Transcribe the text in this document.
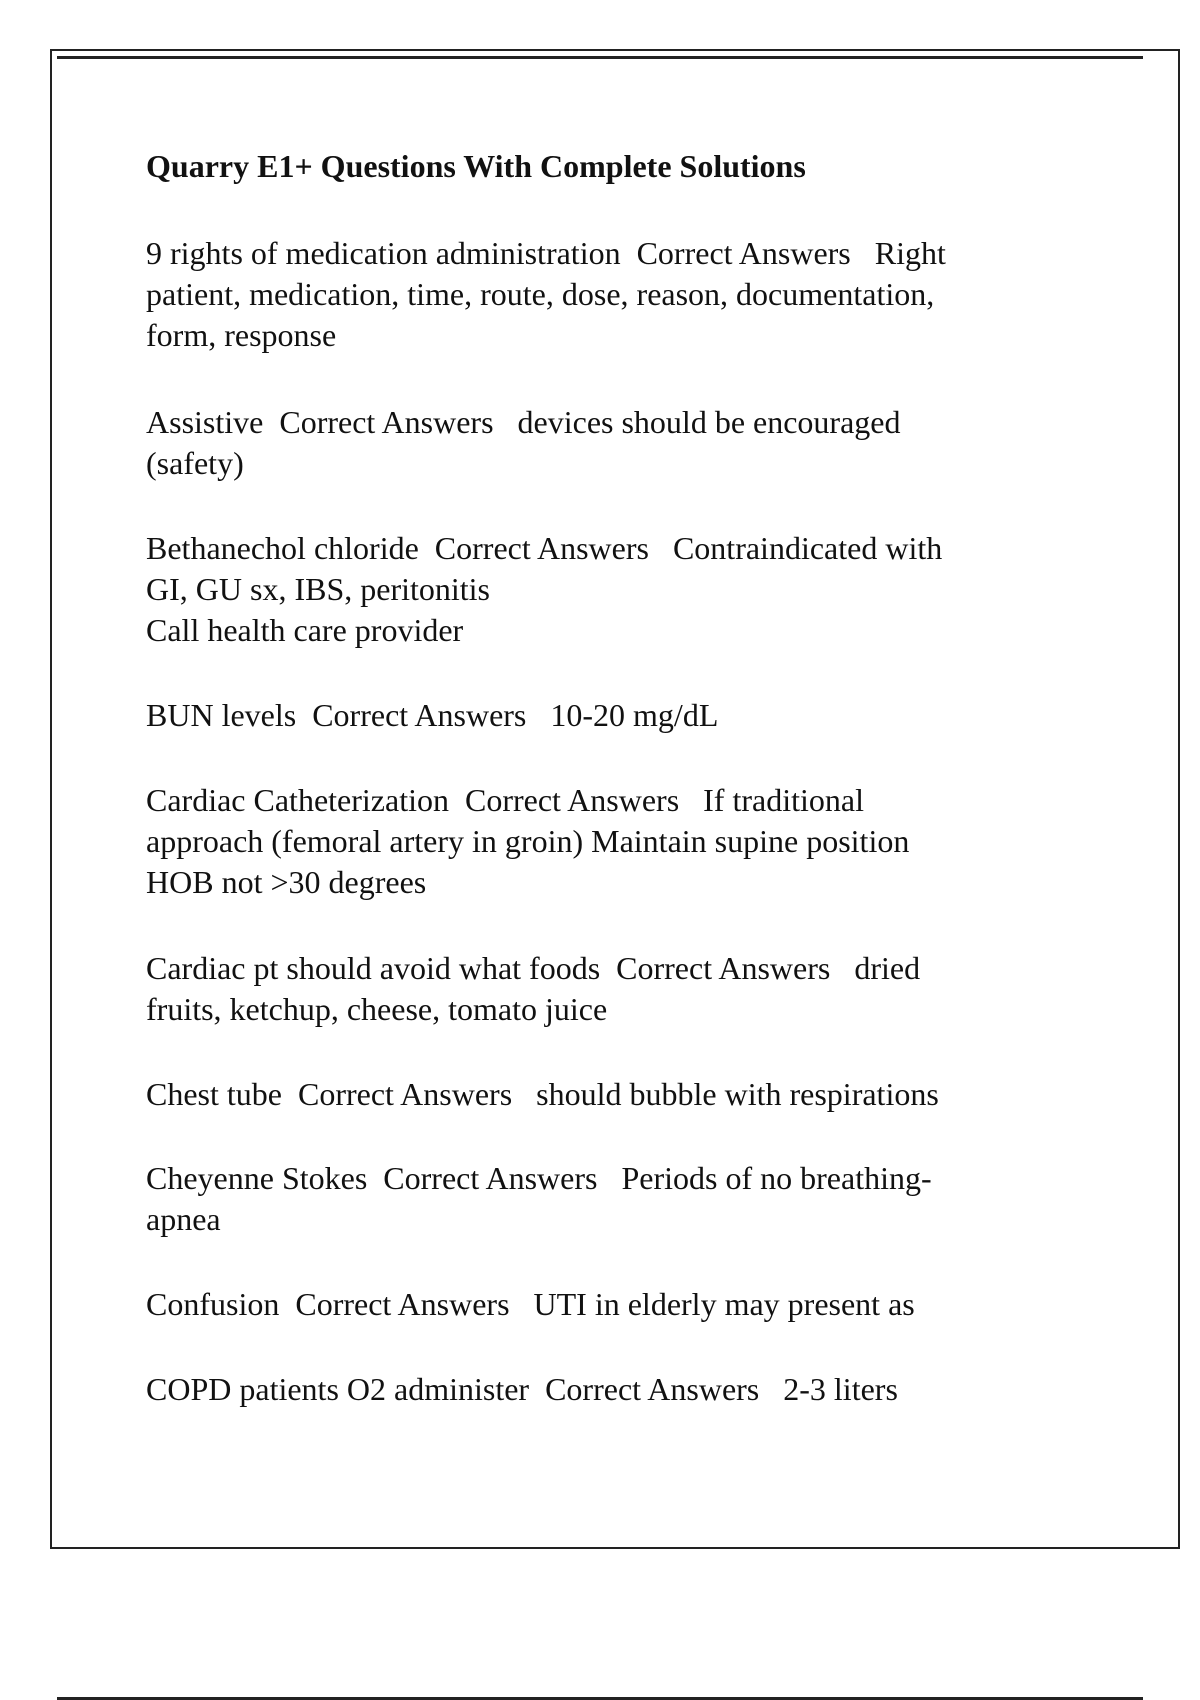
Quarry E1+ Questions With Complete Solutions
9 rights of medication administration  Correct Answers   Right
patient, medication, time, route, dose, reason, documentation,
form, response
Assistive  Correct Answers   devices should be encouraged
(safety)
Bethanechol chloride  Correct Answers   Contraindicated with
GI, GU sx, IBS, peritonitis
Call health care provider
BUN levels  Correct Answers   10-20 mg/dL
Cardiac Catheterization  Correct Answers   If traditional
approach (femoral artery in groin) Maintain supine position
HOB not >30 degrees
Cardiac pt should avoid what foods  Correct Answers   dried
fruits, ketchup, cheese, tomato juice
Chest tube  Correct Answers   should bubble with respirations
Cheyenne Stokes  Correct Answers   Periods of no breathing-
apnea
Confusion  Correct Answers   UTI in elderly may present as
COPD patients O2 administer  Correct Answers   2-3 liters
